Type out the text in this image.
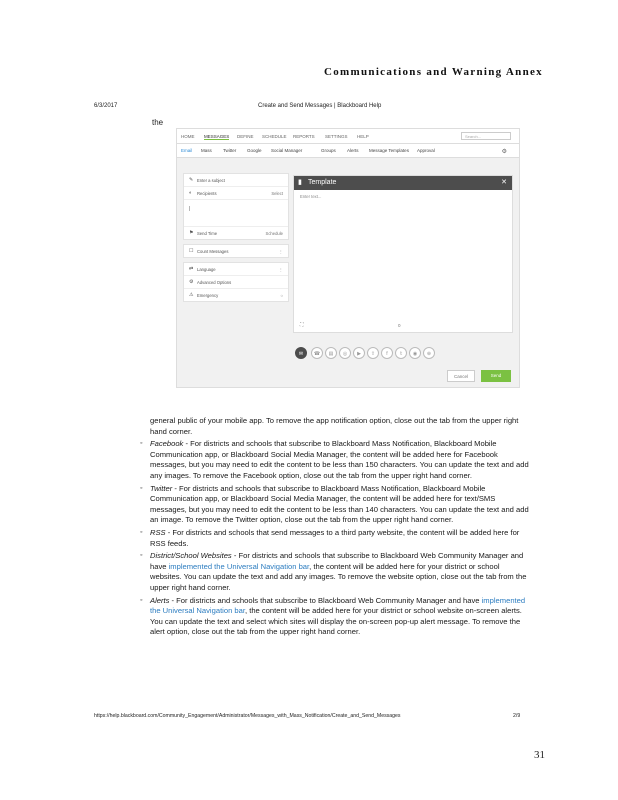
Communications and Warning Annex
6/3/2017	Create and Send Messages | Blackboard Help
the
HOME MESSAGES DEFINE SCHEDULE REPORTS SETTINGS HELP	Search...
Email Mass Twitter Google Social Manager	Groups Alerts Message Templates Approval	⚙
✎ Enter a subject
◐ Recipients	Select
|
⚑ Send Time	Schedule
☐ Count Messages	⋮
⇄ Language	⋮
⚙ Advanced Options
⚠ Emergency	○
▮ Template	✕
Enter text...
⛶	0
✉	☎	▤	◎	▶	⇧	f	𝕥	◉	⊕
Cancel	Send

general public of your mobile app. To remove the app notification option, close out the tab from the upper right hand corner.

◦ Facebook - For districts and schools that subscribe to Blackboard Mass Notification, Blackboard Mobile Communication app, or Blackboard Social Media Manager, the content will be added here for Facebook messages, but you may need to edit the content to be less than 150 characters. You can update the text and add any images. To remove the Facebook option, close out the tab from the upper right hand corner.
◦ Twitter - For districts and schools that subscribe to Blackboard Mass Notification, Blackboard Mobile Communication app, or Blackboard Social Media Manager, the content will be added here for text/SMS messages, but you may need to edit the content to be less than 140 characters. You can update the text and add an image. To remove the Twitter option, close out the tab from the upper right hand corner.
◦ RSS - For districts and schools that send messages to a third party website, the content will be added here for RSS feeds.
◦ District/School Websites - For districts and schools that subscribe to Blackboard Web Community Manager and have implemented the Universal Navigation bar, the content will be added here for your district or school websites. You can update the text and add any images. To remove the website option, close out the tab from the upper right hand corner.
◦ Alerts - For districts and schools that subscribe to Blackboard Web Community Manager and have implemented the Universal Navigation bar, the content will be added here for your district or school website on-screen alerts. You can update the text and select which sites will display the on-screen pop-up alert message. To remove the alert option, close out the tab from the upper right hand corner.
https://help.blackboard.com/Community_Engagement/Administrator/Messages_with_Mass_Notification/Create_and_Send_Messages	2/9
31
